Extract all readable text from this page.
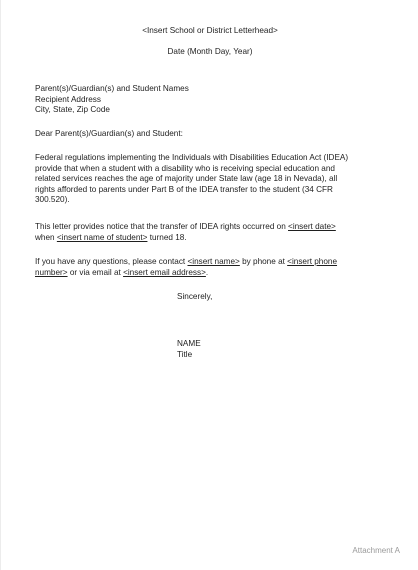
<Insert School or District Letterhead>
Date (Month Day, Year)

Parent(s)/Guardian(s) and Student Names

Recipient Address

City, State, Zip Code

Dear Parent(s)/Guardian(s) and Student:

Federal regulations implementing the Individuals with Disabilities Education Act (IDEA)

provide that when a student with a disability who is receiving special education and

related services reaches the age of majority under State law (age 18 in Nevada), all

rights afforded to parents under Part B of the IDEA transfer to the student (34 CFR

300.520).

This letter provides notice that the transfer of IDEA rights occurred on <insert date>

when <insert name of student> turned 18.

If you have any questions, please contact <insert name> by phone at <insert phone

number> or via email at <insert email address>.

Sincerely,
NAME
Title
Attachment A
